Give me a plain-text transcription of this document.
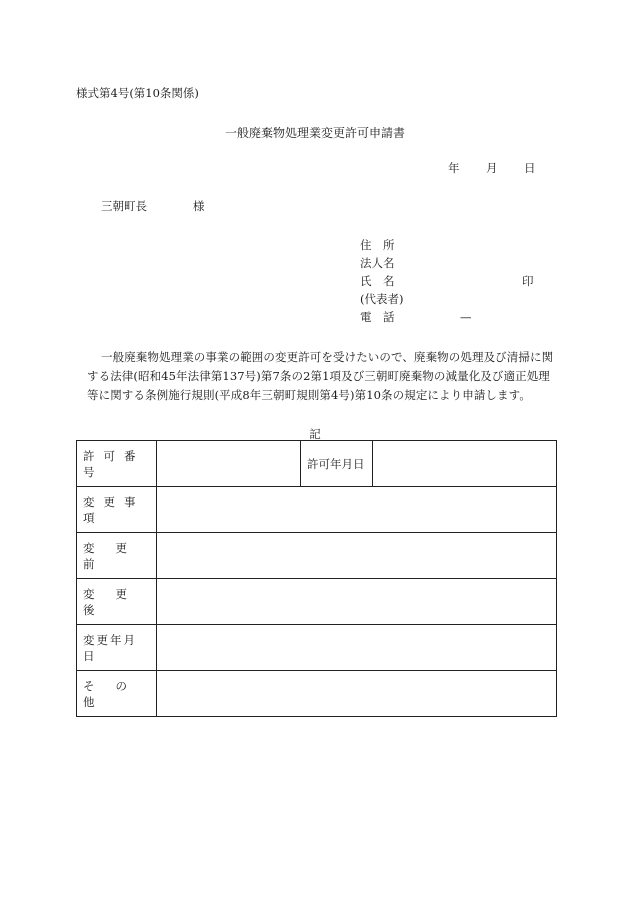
様式第4号(第10条関係)
一般廃棄物処理業変更許可申請書
年 月 日
三朝町長	様
住　所
法人名
氏　名	印
(代表者)
電　話	—
一般廃棄物処理業の事業の範囲の変更許可を受けたいので、廃棄物の処理及び清掃に関する法律(昭和45年法律第137号)第7条の2第1項及び三朝町廃棄物の減量化及び適正処理等に関する条例施行規則(平成8年三朝町規則第4号)第10条の規定により申請します。
記
許可番号		許可年月日	
変更事項			
変更前			
変更後			
変更年月日			
その他			
